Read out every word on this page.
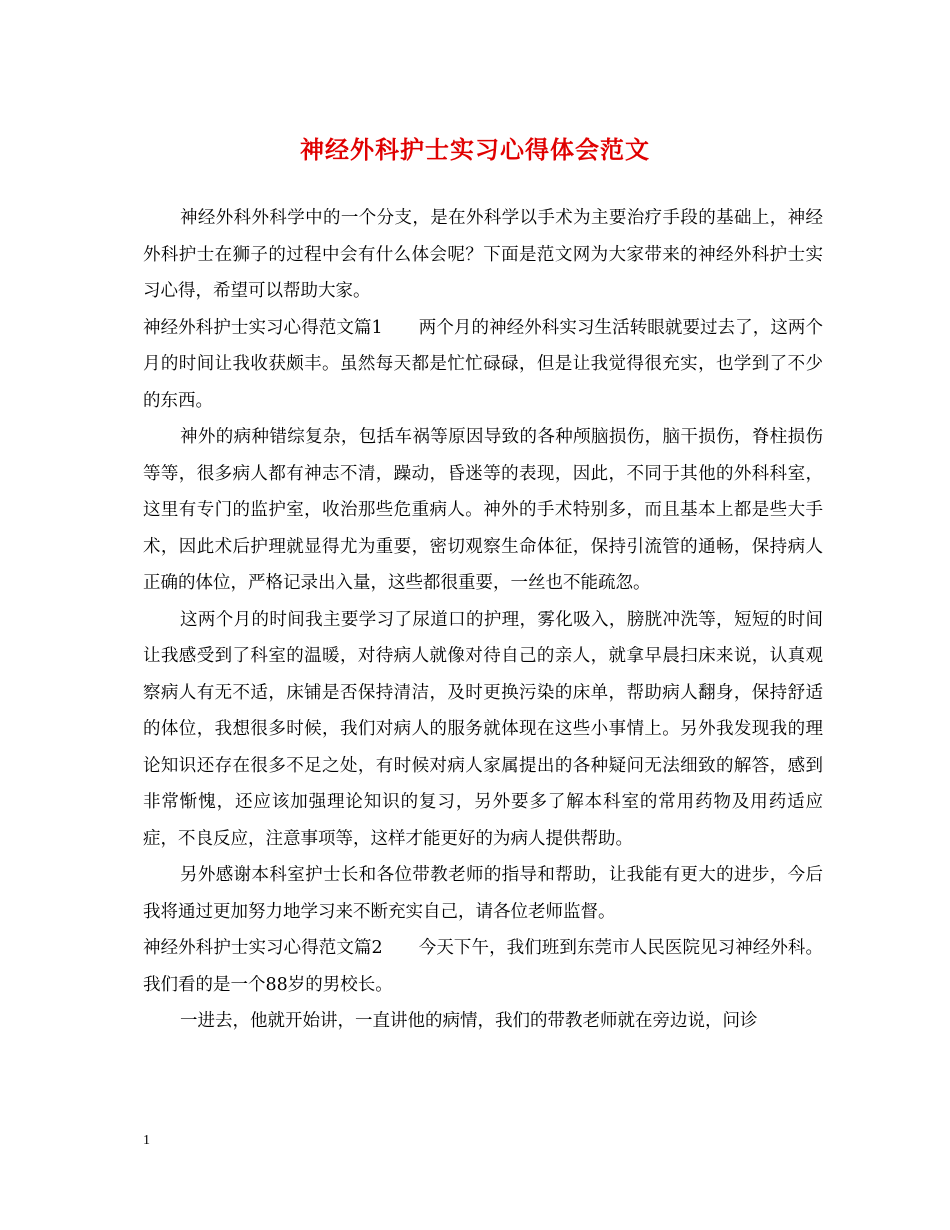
神经外科护士实习心得体会范文

神经外科外科学中的一个分支，是在外科学以手术为主要治疗手段的基础上，神经外科护士在狮子的过程中会有什么体会呢？下面是范文网为大家带来的神经外科护士实习心得，希望可以帮助大家。

神经外科护士实习心得范文篇1 两个月的神经外科实习生活转眼就要过去了，这两个月的时间让我收获颇丰。虽然每天都是忙忙碌碌，但是让我觉得很充实，也学到了不少的东西。

神外的病种错综复杂，包括车祸等原因导致的各种颅脑损伤，脑干损伤，脊柱损伤等等，很多病人都有神志不清，躁动，昏迷等的表现，因此，不同于其他的外科科室，这里有专门的监护室，收治那些危重病人。神外的手术特别多，而且基本上都是些大手术，因此术后护理就显得尤为重要，密切观察生命体征，保持引流管的通畅，保持病人正确的体位，严格记录出入量，这些都很重要，一丝也不能疏忽。

这两个月的时间我主要学习了尿道口的护理，雾化吸入，膀胱冲洗等，短短的时间让我感受到了科室的温暖，对待病人就像对待自己的亲人，就拿早晨扫床来说，认真观察病人有无不适，床铺是否保持清洁，及时更换污染的床单，帮助病人翻身，保持舒适的体位，我想很多时候，我们对病人的服务就体现在这些小事情上。另外我发现我的理论知识还存在很多不足之处，有时候对病人家属提出的各种疑问无法细致的解答，感到非常惭愧，还应该加强理论知识的复习，另外要多了解本科室的常用药物及用药适应症，不良反应，注意事项等，这样才能更好的为病人提供帮助。

另外感谢本科室护士长和各位带教老师的指导和帮助，让我能有更大的进步，今后我将通过更加努力地学习来不断充实自己，请各位老师监督。

神经外科护士实习心得范文篇2 今天下午，我们班到东莞市人民医院见习神经外科。我们看的是一个88岁的男校长。

一进去，他就开始讲，一直讲他的病情，我们的带教老师就在旁边说，问诊

1
